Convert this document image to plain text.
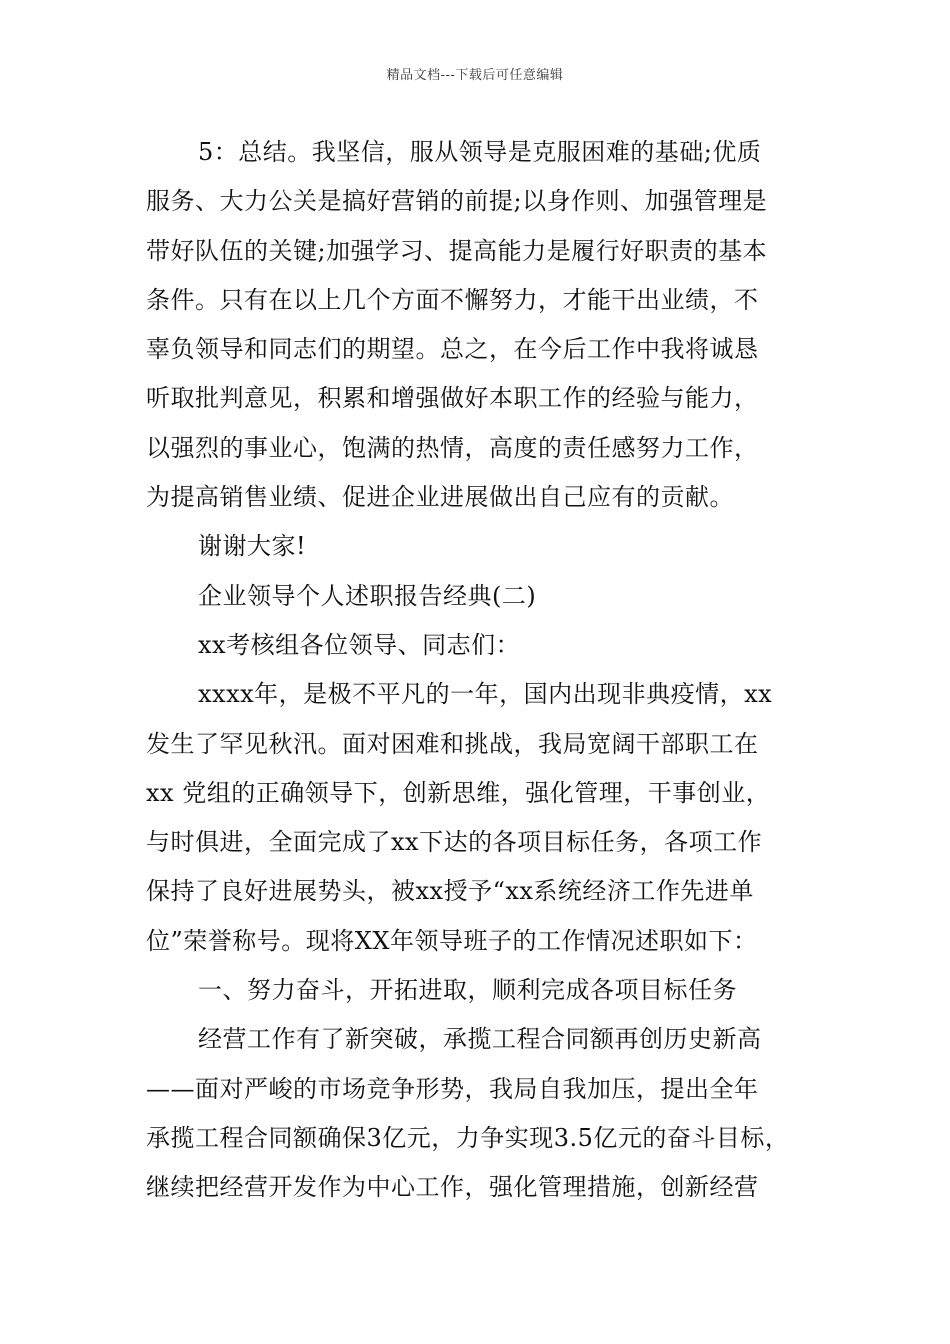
精品文档---下载后可任意编辑
5：总结。我坚信，服从领导是克服困难的基础;优质
服务、大力公关是搞好营销的前提;以身作则、加强管理是
带好队伍的关键;加强学习、提高能力是履行好职责的基本
条件。只有在以上几个方面不懈努力，才能干出业绩，不
辜负领导和同志们的期望。总之，在今后工作中我将诚恳
听取批判意见，积累和增强做好本职工作的经验与能力，
以强烈的事业心，饱满的热情，高度的责任感努力工作，
为提高销售业绩、促进企业进展做出自己应有的贡献。
谢谢大家!
企业领导个人述职报告经典(二)
xx考核组各位领导、同志们：
xxxx年，是极不平凡的一年，国内出现非典疫情，xx
发生了罕见秋汛。面对困难和挑战，我局宽阔干部职工在
xx 党组的正确领导下，创新思维，强化管理，干事创业，
与时俱进，全面完成了xx下达的各项目标任务，各项工作
保持了良好进展势头，被xx授予“xx系统经济工作先进单
位”荣誉称号。现将XX年领导班子的工作情况述职如下：
一、努力奋斗，开拓进取，顺利完成各项目标任务
经营工作有了新突破，承揽工程合同额再创历史新高
——面对严峻的市场竞争形势，我局自我加压，提出全年
承揽工程合同额确保3亿元，力争实现3.5亿元的奋斗目标，
继续把经营开发作为中心工作，强化管理措施，创新经营
